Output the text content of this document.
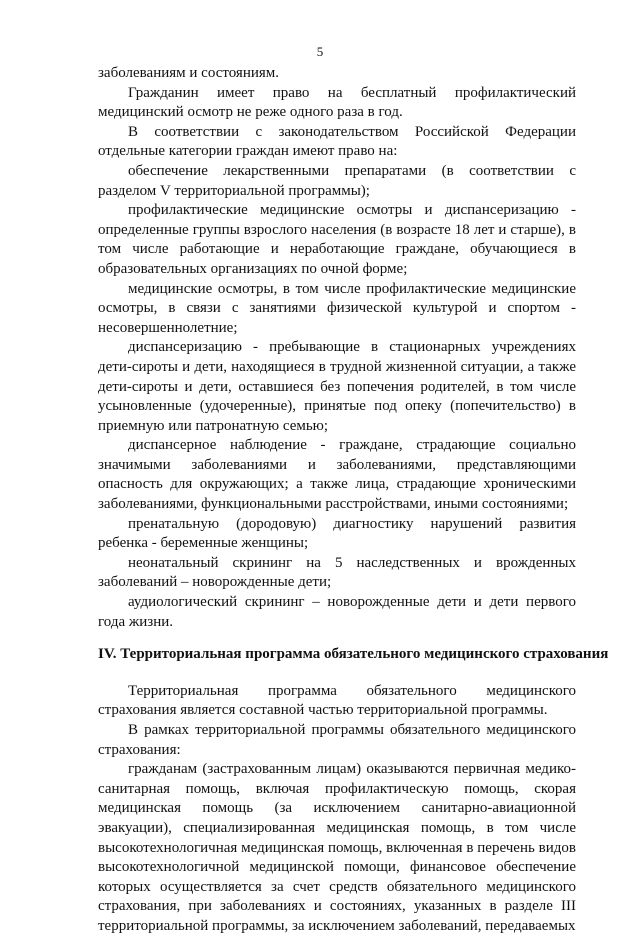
5

заболеваниям и состояниям.

Гражданин имеет право на бесплатный профилактический медицинский осмотр не реже одного раза в год.

В соответствии с законодательством Российской Федерации отдельные категории граждан имеют право на:

обеспечение лекарственными препаратами (в соответствии с разделом V территориальной программы);

профилактические медицинские осмотры и диспансеризацию - определенные группы взрослого населения (в возрасте 18 лет и старше), в том числе работающие и неработающие граждане, обучающиеся в образовательных организациях по очной форме;

медицинские осмотры, в том числе профилактические медицинские осмотры, в связи с занятиями физической культурой и спортом - несовершеннолетние;

диспансеризацию - пребывающие в стационарных учреждениях дети-сироты и дети, находящиеся в трудной жизненной ситуации, а также дети-сироты и дети, оставшиеся без попечения родителей, в том числе усыновленные (удочеренные), принятые под опеку (попечительство) в приемную или патронатную семью;

диспансерное наблюдение - граждане, страдающие социально значимыми заболеваниями и заболеваниями, представляющими опасность для окружающих; а также лица, страдающие хроническими заболеваниями, функциональными расстройствами, иными состояниями;

пренатальную (дородовую) диагностику нарушений развития ребенка - беременные женщины;

неонатальный скрининг на 5 наследственных и врожденных заболеваний – новорожденные дети;

аудиологический скрининг – новорожденные дети и дети первого года жизни.

IV. Территориальная программа обязательного медицинского страхования

Территориальная программа обязательного медицинского страхования является составной частью территориальной программы.

В рамках территориальной программы обязательного медицинского страхования:

гражданам (застрахованным лицам) оказываются первичная медико-санитарная помощь, включая профилактическую помощь, скорая медицинская помощь (за исключением санитарно-авиационной эвакуации), специализированная медицинская помощь, в том числе высокотехнологичная медицинская помощь, включенная в перечень видов высокотехнологичной медицинской помощи, финансовое обеспечение которых осуществляется за счет средств обязательного медицинского страхования, при заболеваниях и состояниях, указанных в разделе III территориальной программы, за исключением заболеваний, передаваемых
